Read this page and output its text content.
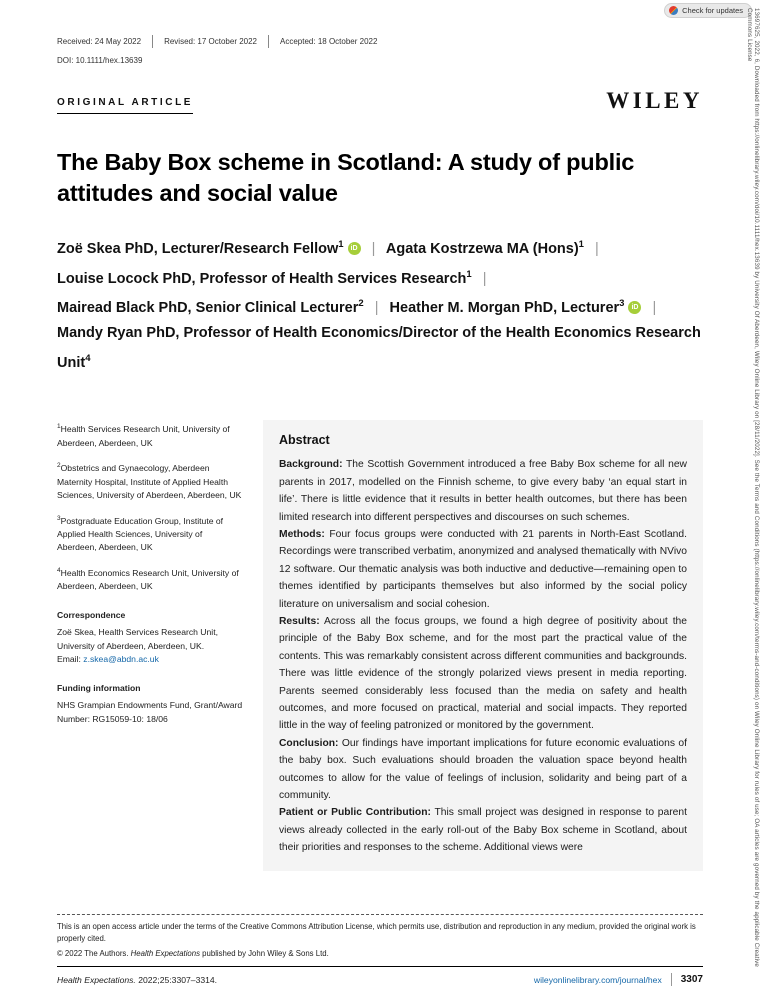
Check for updates
Received: 24 May 2022	Revised: 17 October 2022	Accepted: 18 October 2022
DOI: 10.1111/hex.13639
ORIGINAL ARTICLE	WILEY
The Baby Box scheme in Scotland: A study of public attitudes and social value
Zoë Skea PhD, Lecturer/Research Fellow$^1$ iD | Agata Kostrzewa MA (Hons)$^1$ |
Louise Locock PhD, Professor of Health Services Research$^1$ |
Mairead Black PhD, Senior Clinical Lecturer$^2$ | Heather M. Morgan PhD, Lecturer$^3$ iD |
Mandy Ryan PhD, Professor of Health Economics/Director of the Health Economics Research Unit$^4$

$^1$Health Services Research Unit, University of Aberdeen, Aberdeen, UK

$^2$Obstetrics and Gynaecology, Aberdeen Maternity Hospital, Institute of Applied Health Sciences, University of Aberdeen, Aberdeen, UK

$^3$Postgraduate Education Group, Institute of Applied Health Sciences, University of Aberdeen, Aberdeen, UK

$^4$Health Economics Research Unit, University of Aberdeen, Aberdeen, UK

Correspondence

Zoë Skea, Health Services Research Unit, University of Aberdeen, Aberdeen, UK.
Email: z.skea@abdn.ac.uk

Funding information

NHS Grampian Endowments Fund, Grant/Award Number: RG15059-10: 18/06

Abstract

Background: The Scottish Government introduced a free Baby Box scheme for all new parents in 2017, modelled on the Finnish scheme, to give every baby ‘an equal start in life’. There is little evidence that it results in better health outcomes, but there has been limited research into different perspectives and discourses on such schemes.

Methods: Four focus groups were conducted with 21 parents in North-East Scotland. Recordings were transcribed verbatim, anonymized and analysed thematically with NVivo 12 software. Our thematic analysis was both inductive and deductive—remaining open to themes identified by participants themselves but also informed by the social policy literature on universalism and social cohesion.

Results: Across all the focus groups, we found a high degree of positivity about the principle of the Baby Box scheme, and for the most part the practical value of the contents. This was remarkably consistent across different communities and backgrounds. There was little evidence of the strongly polarized views present in media reporting. Parents seemed considerably less focused than the media on safety and health outcomes, and more focused on practical, material and social impacts. They reported little in the way of feeling patronized or monitored by the government.

Conclusion: Our findings have important implications for future economic evaluations of the baby box. Such evaluations should broaden the valuation space beyond health outcomes to allow for the value of feelings of inclusion, solidarity and being part of a community.

Patient or Public Contribution: This small project was designed in response to parent views already collected in the early roll-out of the Baby Box scheme in Scotland, about their priorities and responses to the scheme. Additional views were

This is an open access article under the terms of the Creative Commons Attribution License, which permits use, distribution and reproduction in any medium, provided the original work is properly cited.
© 2022 The Authors. Health Expectations published by John Wiley & Sons Ltd.
Health Expectations. 2022;25:3307–3314.	wileyonlinelibrary.com/journal/hex 3307
13697625, 2022, 6, Downloaded from https://onlinelibrary.wiley.com/doi/10.1111/hex.13639 by University Of Aberdeen, Wiley Online Library on [28/11/2022]. See the Terms and Conditions (https://onlinelibrary.wiley.com/terms-and-conditions) on Wiley Online Library for rules of use; OA articles are governed by the applicable Creative Commons License
